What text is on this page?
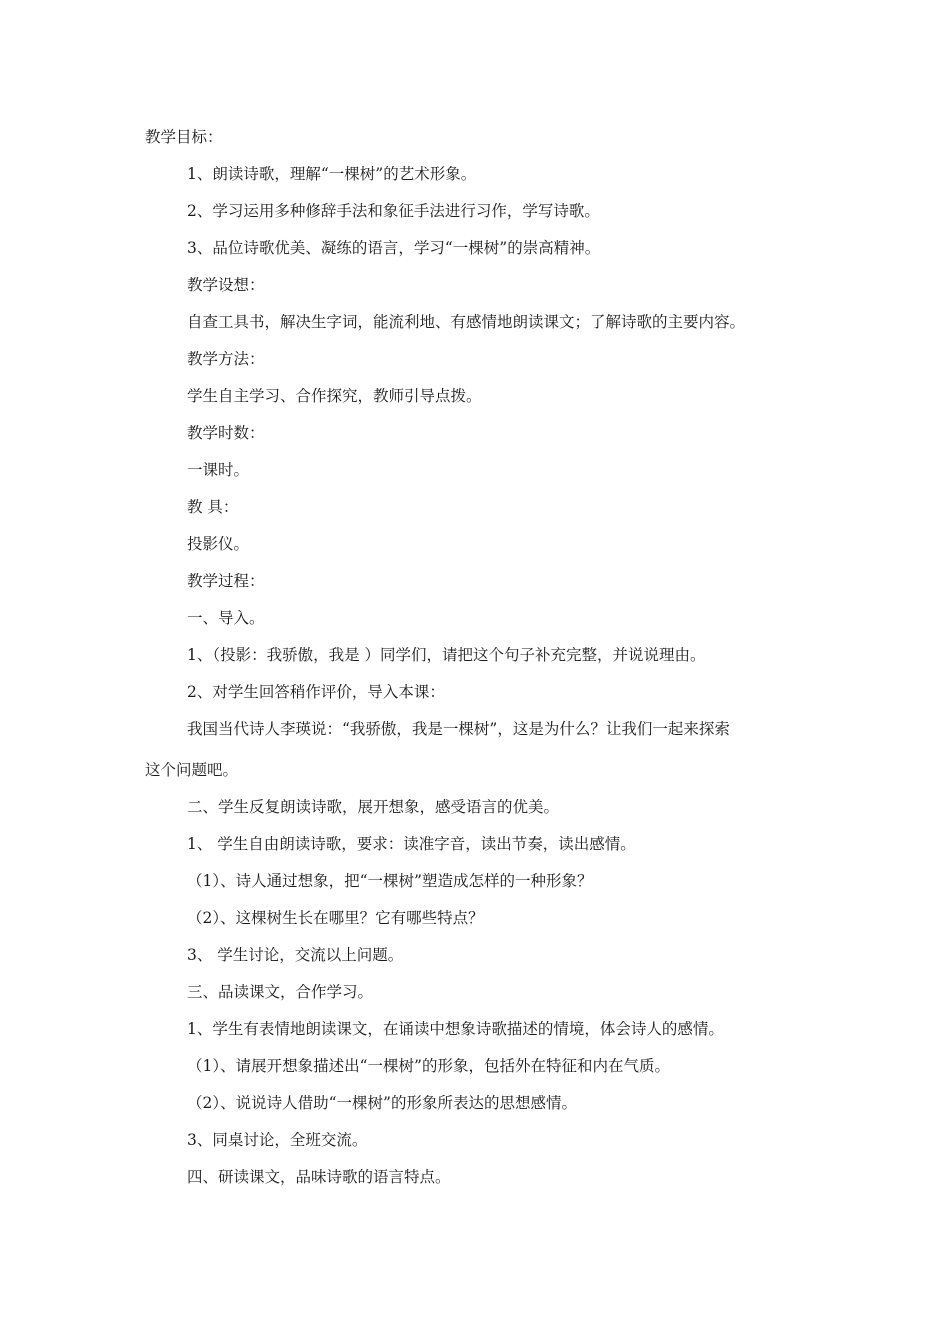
教学目标：
1、朗读诗歌，理解“一棵树”的艺术形象。
2、学习运用多种修辞手法和象征手法进行习作，学写诗歌。
3、品位诗歌优美、凝练的语言，学习“一棵树”的崇高精神。
教学设想：
自查工具书，解决生字词，能流利地、有感情地朗读课文；了解诗歌的主要内容。
教学方法：
学生自主学习、合作探究，教师引导点拨。
教学时数：
一课时。
教 具：
投影仪。
教学过程：
一、导入。
1、（投影：我骄傲，我是 ）同学们，请把这个句子补充完整，并说说理由。
2、对学生回答稍作评价，导入本课：
我国当代诗人李瑛说：“我骄傲，我是一棵树”，这是为什么？让我们一起来探索
这个问题吧。
二、学生反复朗读诗歌，展开想象，感受语言的优美。
1、 学生自由朗读诗歌，要求：读准字音，读出节奏，读出感情。
（1）、诗人通过想象，把“一棵树”塑造成怎样的一种形象？
（2）、这棵树生长在哪里？它有哪些特点？
3、 学生讨论，交流以上问题。
三、品读课文，合作学习。
1、学生有表情地朗读课文，在诵读中想象诗歌描述的情境，体会诗人的感情。
（1）、请展开想象描述出“一棵树”的形象，包括外在特征和内在气质。
（2）、说说诗人借助“一棵树”的形象所表达的思想感情。
3、同桌讨论，全班交流。
四、研读课文，品味诗歌的语言特点。
